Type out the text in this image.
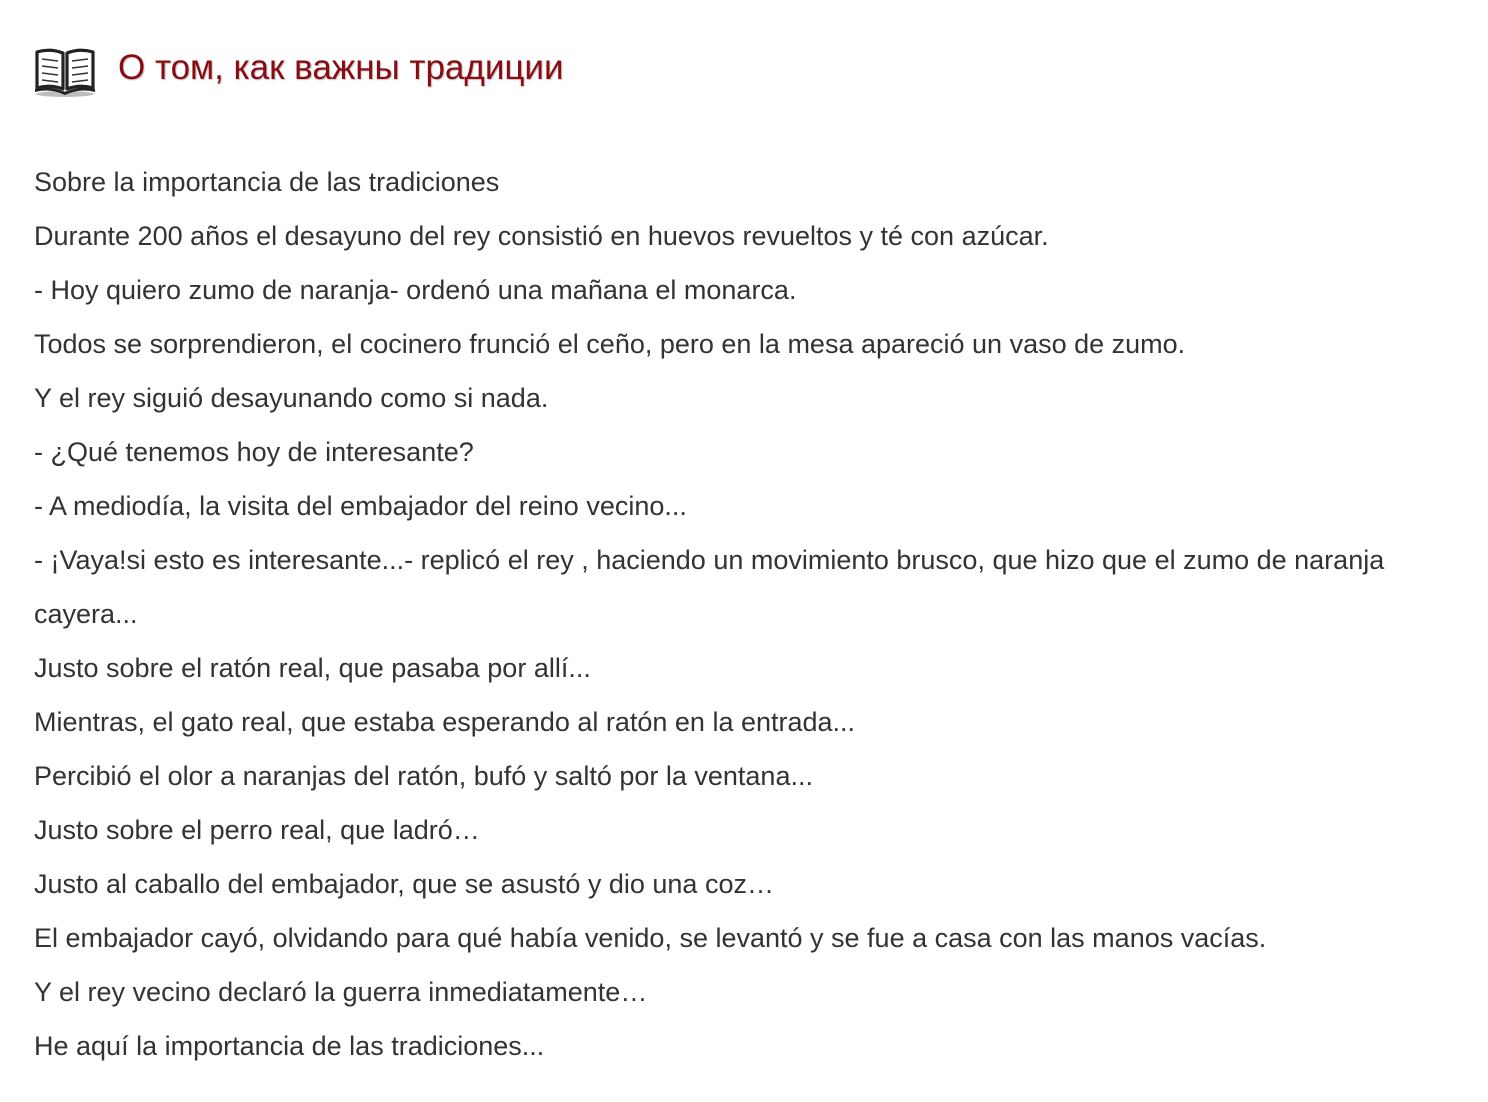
О том, как важны традиции

Sobre la importancia de las tradiciones

Durante 200 años el desayuno del rey consistió en huevos revueltos y té con azúcar.

- Hoy quiero zumo de naranja- ordenó una mañana el monarca.

Todos se sorprendieron, el cocinero frunció el ceño, pero en la mesa apareció un vaso de zumo.

Y el rey siguió desayunando como si nada.

- ¿Qué tenemos hoy de interesante?

- A mediodía, la visita del embajador del reino vecino...

- ¡Vaya!si esto es interesante...- replicó el rey , haciendo un movimiento brusco, que hizo que el zumo de naranja cayera...

Justo sobre el ratón real, que pasaba por allí...

Mientras, el gato real, que estaba esperando al ratón en la entrada...

Percibió el olor a naranjas del ratón, bufó y saltó por la ventana...

Justo sobre el perro real, que ladró…

Justo al caballo del embajador, que se asustó y dio una coz…

El embajador cayó, olvidando para qué había venido, se levantó y se fue a casa con las manos vacías.

Y el rey vecino declaró la guerra inmediatamente…

He aquí la importancia de las tradiciones...
